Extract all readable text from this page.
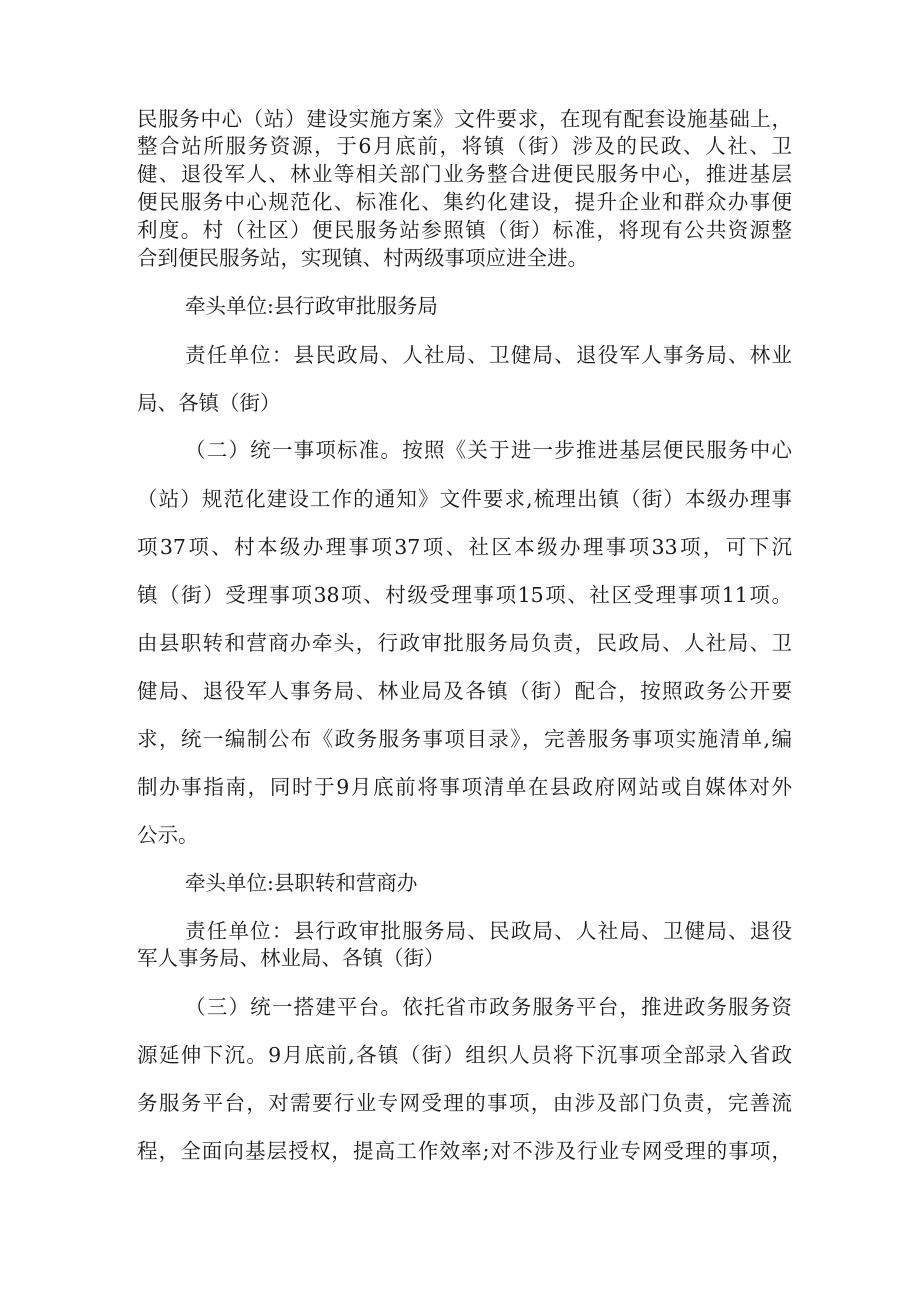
民服务中心（站）建设实施方案》文件要求，在现有配套设施基础上，
整合站所服务资源，于6月底前，将镇（街）涉及的民政、人社、卫
健、退役军人、林业等相关部门业务整合进便民服务中心，推进基层
便民服务中心规范化、标准化、集约化建设，提升企业和群众办事便
利度。村（社区）便民服务站参照镇（街）标准，将现有公共资源整
合到便民服务站，实现镇、村两级事项应进全进。
牵头单位:县行政审批服务局
责任单位：县民政局、人社局、卫健局、退役军人事务局、林业
局、各镇（街）
（二）统一事项标准。按照《关于进一步推进基层便民服务中心
（站）规范化建设工作的通知》文件要求,梳理出镇（街）本级办理事
项37项、村本级办理事项37项、社区本级办理事项33项，可下沉
镇（街）受理事项38项、村级受理事项15项、社区受理事项11项。
由县职转和营商办牵头，行政审批服务局负责，民政局、人社局、卫
健局、退役军人事务局、林业局及各镇（街）配合，按照政务公开要
求，统一编制公布《政务服务事项目录》，完善服务事项实施清单,编
制办事指南，同时于9月底前将事项清单在县政府网站或自媒体对外
公示。
牵头单位:县职转和营商办
责任单位：县行政审批服务局、民政局、人社局、卫健局、退役
军人事务局、林业局、各镇（街）
（三）统一搭建平台。依托省市政务服务平台，推进政务服务资
源延伸下沉。9月底前,各镇（街）组织人员将下沉事项全部录入省政
务服务平台，对需要行业专网受理的事项，由涉及部门负责，完善流
程，全面向基层授权，提高工作效率;对不涉及行业专网受理的事项，
